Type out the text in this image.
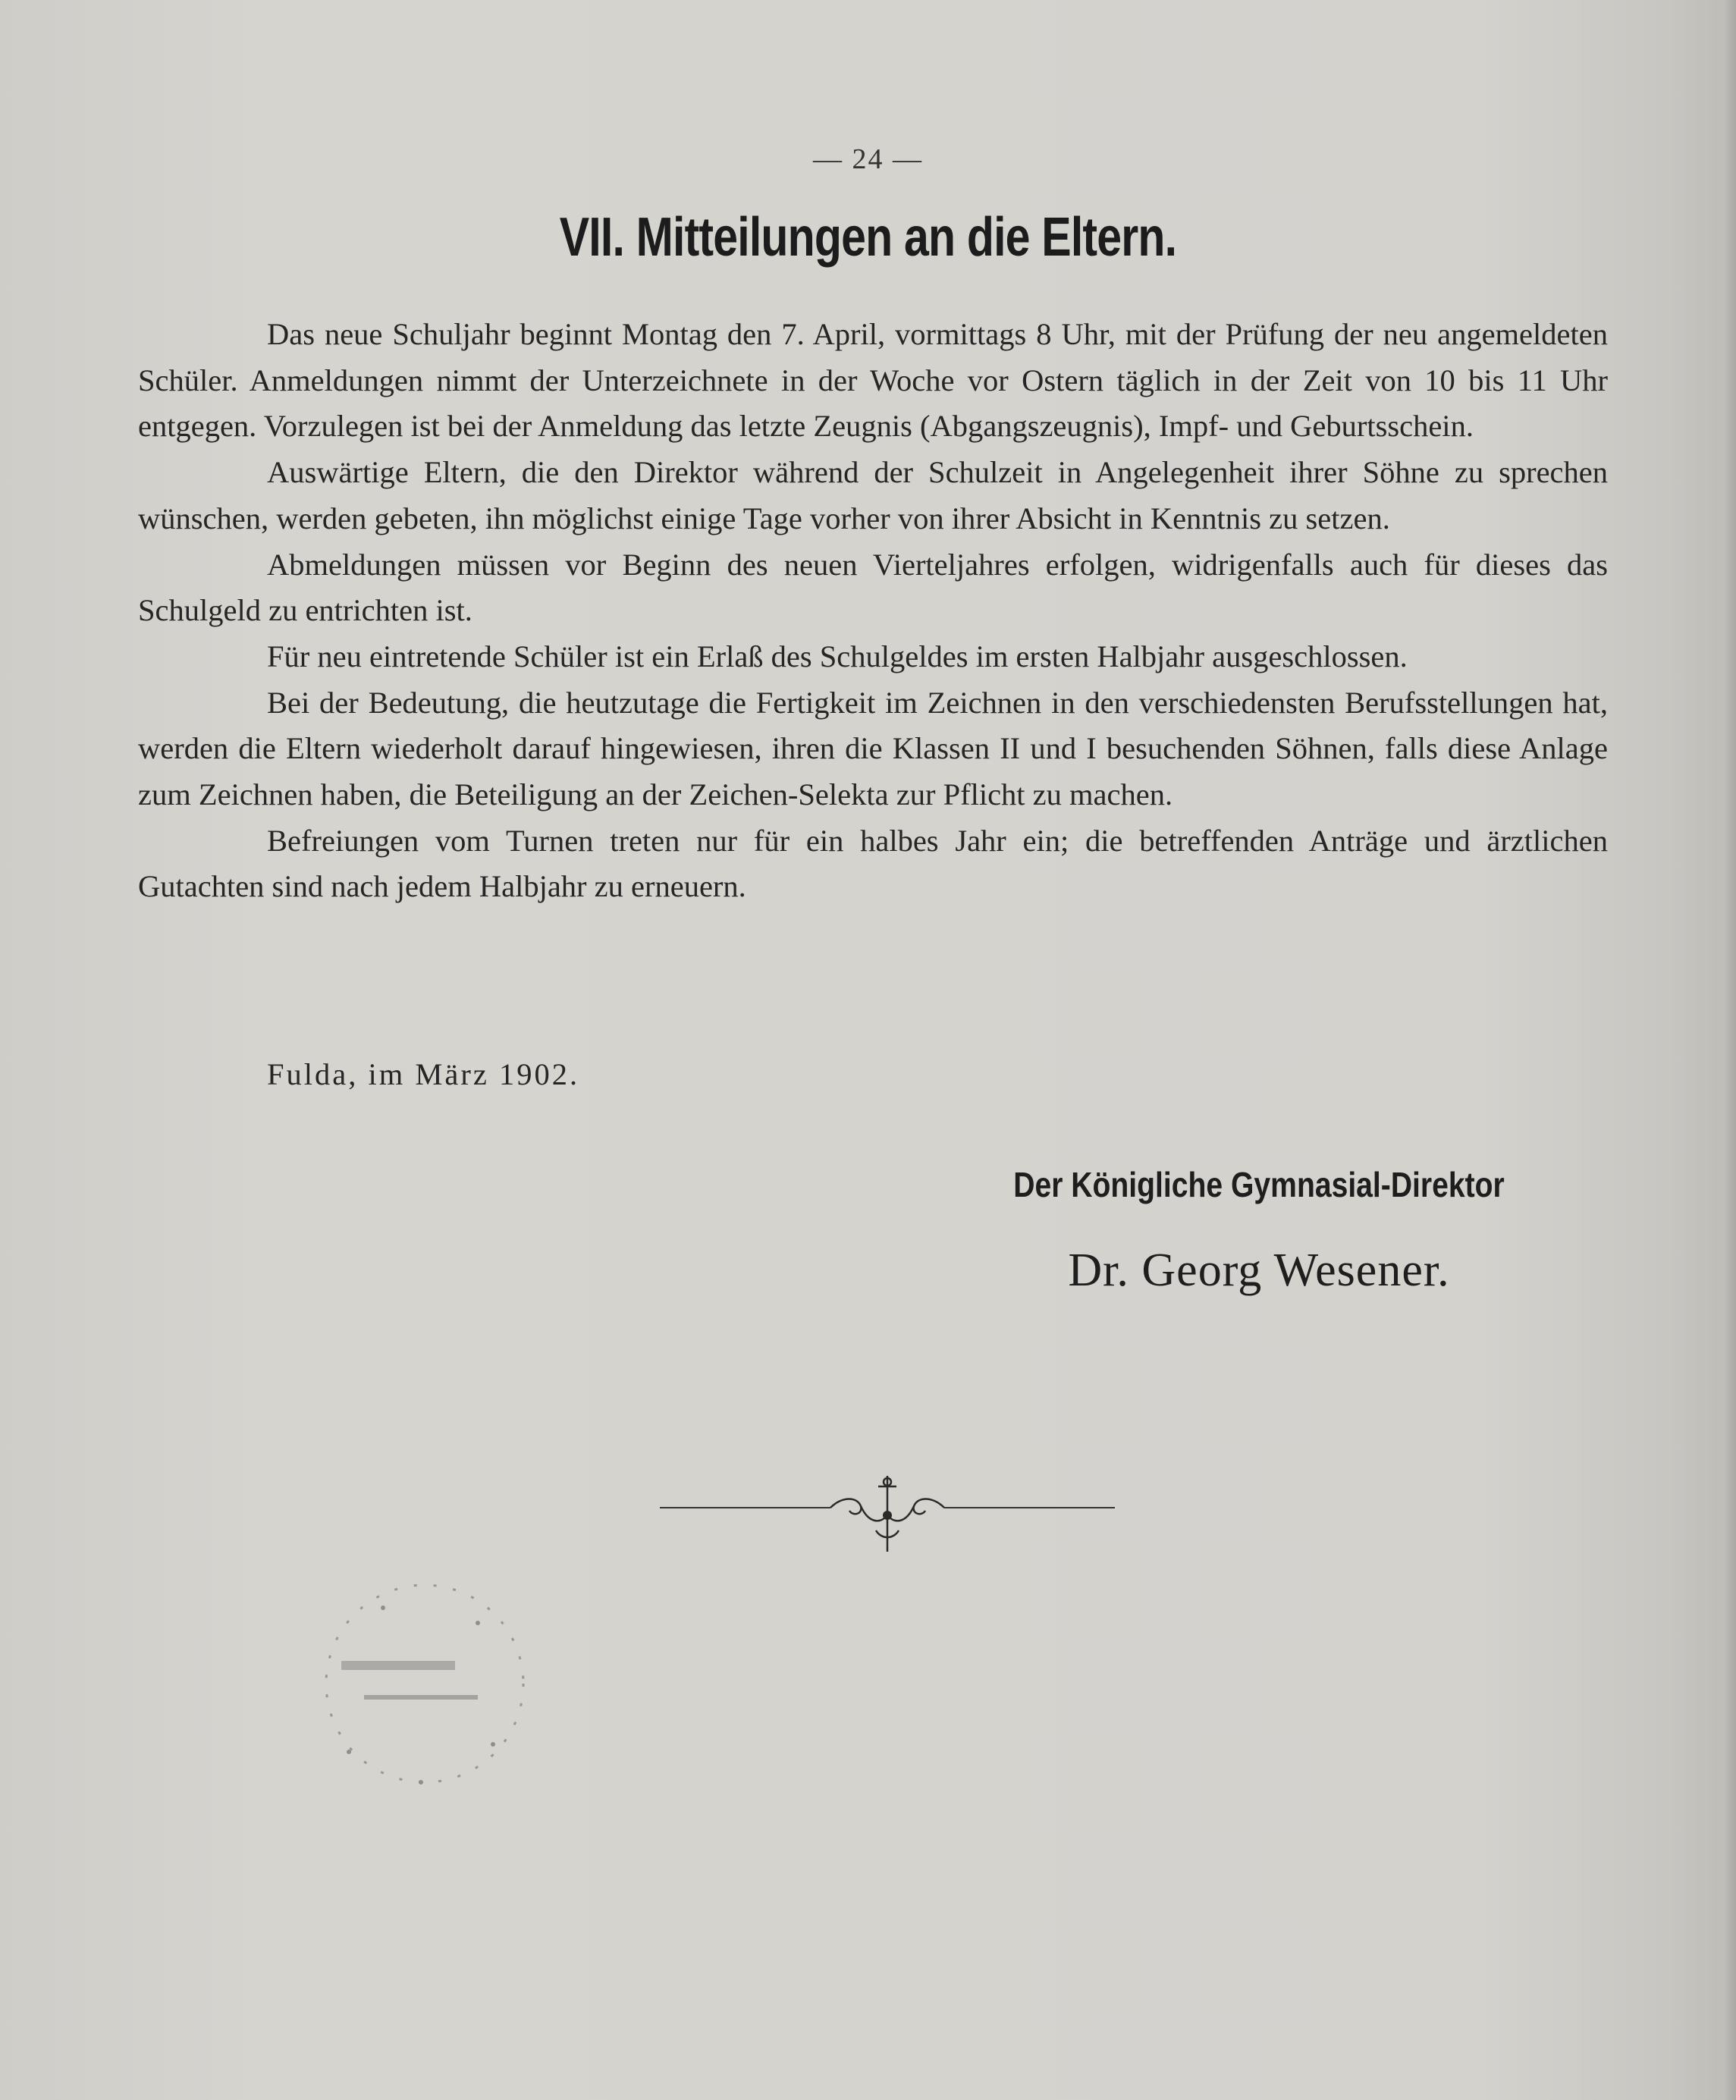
— 24 —
VII. Mitteilungen an die Eltern.

Das neue Schuljahr beginnt Montag den 7. April, vormittags 8 Uhr, mit der Prüfung der neu angemeldeten Schüler. Anmeldungen nimmt der Unterzeichnete in der Woche vor Ostern täglich in der Zeit von 10 bis 11 Uhr entgegen. Vorzulegen ist bei der Anmeldung das letzte Zeugnis (Abgangszeugnis), Impf- und Geburtsschein.

Auswärtige Eltern, die den Direktor während der Schulzeit in Angelegenheit ihrer Söhne zu sprechen wünschen, werden gebeten, ihn möglichst einige Tage vorher von ihrer Absicht in Kenntnis zu setzen.

Abmeldungen müssen vor Beginn des neuen Vierteljahres erfolgen, widrigenfalls auch für dieses das Schulgeld zu entrichten ist.

Für neu eintretende Schüler ist ein Erlaß des Schulgeldes im ersten Halbjahr ausgeschlossen.

Bei der Bedeutung, die heutzutage die Fertigkeit im Zeichnen in den verschiedensten Berufsstellungen hat, werden die Eltern wiederholt darauf hingewiesen, ihren die Klassen II und I besuchenden Söhnen, falls diese Anlage zum Zeichnen haben, die Beteiligung an der Zeichen-Selekta zur Pflicht zu machen.

Befreiungen vom Turnen treten nur für ein halbes Jahr ein; die betreffenden Anträge und ärztlichen Gutachten sind nach jedem Halbjahr zu erneuern.

Fulda, im März 1902.
Der Königliche Gymnasial-Direktor
Dr. Georg Wesener.
